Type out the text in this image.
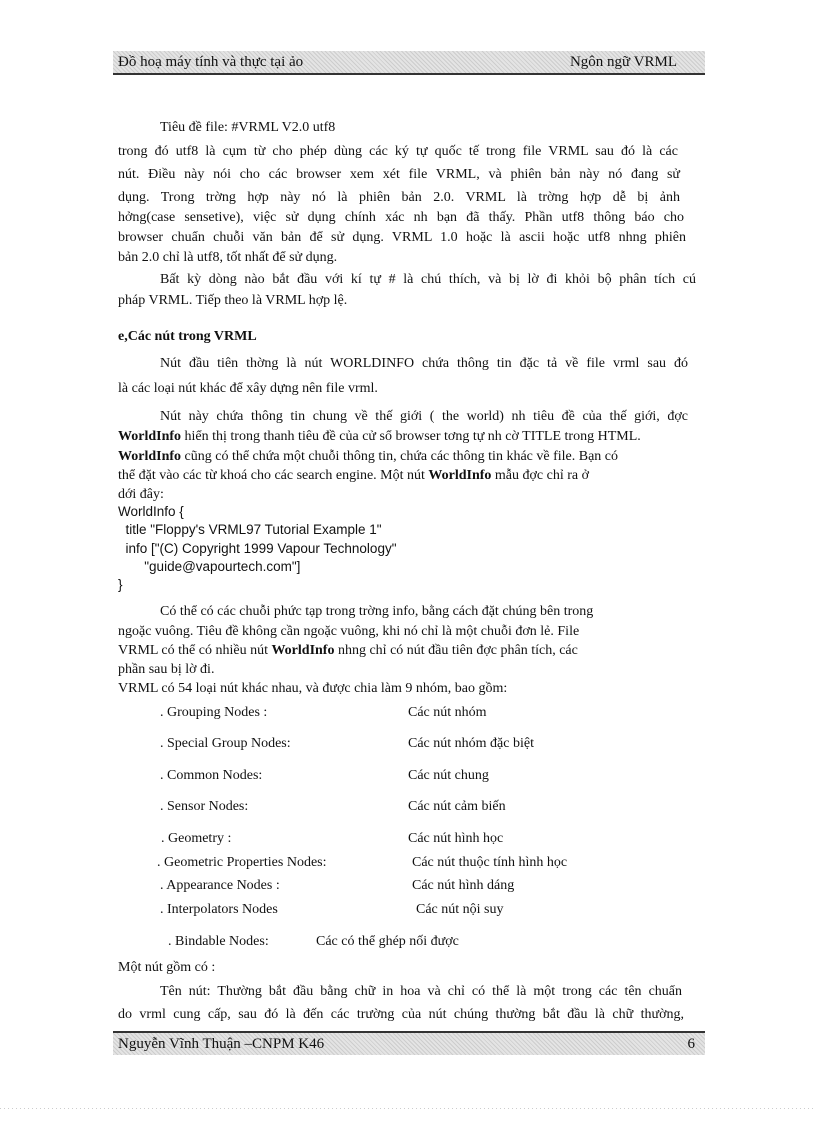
Đồ hoạ máy tính và thực tại ảo	Ngôn ngữ VRML
Tiêu đề file: #VRML V2.0 utf8
trong đó utf8 là cụm từ cho phép dùng các ký tự quốc tế trong file VRML sau đó là các
nút. Điều này nói cho các browser xem xét file VRML, và phiên bản này nó đang sử
dụng. Trong trờng hợp này nó là phiên bản 2.0. VRML là trờng hợp dễ bị ảnh
hởng(case sensetive), việc sử dụng chính xác nh bạn đã thấy. Phần utf8 thông báo cho
browser chuẩn chuỗi văn bản để sử dụng. VRML 1.0 hoặc là ascii hoặc utf8 nhng phiên
bản 2.0 chỉ là utf8, tốt nhất để sử dụng.
Bất kỳ dòng nào bắt đầu với kí tự # là chú thích, và bị lờ đi khỏi bộ phân tích cú
pháp VRML. Tiếp theo là VRML hợp lệ.
e,Các nút trong VRML
Nút đầu tiên thờng là nút WORLDINFO chứa thông tin đặc tả về file vrml sau đó
là các loại nút khác để xây dựng nên file vrml.
Nút này chứa thông tin chung về thế giới ( the world) nh tiêu đề của thế giới, đợc
WorldInfo hiển thị trong thanh tiêu đề của cử sổ browser tơng tự nh cờ TITLE trong HTML.
WorldInfo cũng có thể chứa một chuỗi thông tin, chứa các thông tin khác về file. Bạn có
thể đặt vào các từ khoá cho các search engine. Một nút WorldInfo mẫu đợc chỉ ra ở
dới đây:
WorldInfo {
title "Floppy's VRML97 Tutorial Example 1"
info ["(C) Copyright 1999 Vapour Technology"
"guide@vapourtech.com"]
}
Có thể có các chuỗi phức tạp trong trờng info, bằng cách đặt chúng bên trong
ngoặc vuông. Tiêu đề không cần ngoặc vuông, khi nó chỉ là một chuỗi đơn lẻ. File
VRML có thể có nhiều nút WorldInfo nhng chỉ có nút đầu tiên đợc phân tích, các
phần sau bị lờ đi.
VRML có 54 loại nút khác nhau, và được chia làm 9 nhóm, bao gồm:
. Grouping Nodes :	Các nút nhóm
. Special Group Nodes:	Các nút nhóm đặc biệt
. Common Nodes:	Các nút chung
. Sensor Nodes:	Các nút cảm biến
. Geometry :	Các nút hình học
. Geometric Properties Nodes:	Các nút thuộc tính hình học
. Appearance Nodes :	Các nút hình dáng
. Interpolators Nodes	Các nút nội suy
. Bindable Nodes:	Các có thể ghép nối được
Một nút gồm có :
Tên nút: Thường bắt đầu bằng chữ in hoa và chỉ có thể là một trong các tên chuẩn
do vrml cung cấp, sau đó là đến các trường của nút chúng thường bắt đầu là chữ thường,
Nguyễn Vĩnh Thuận –CNPM K46	6
